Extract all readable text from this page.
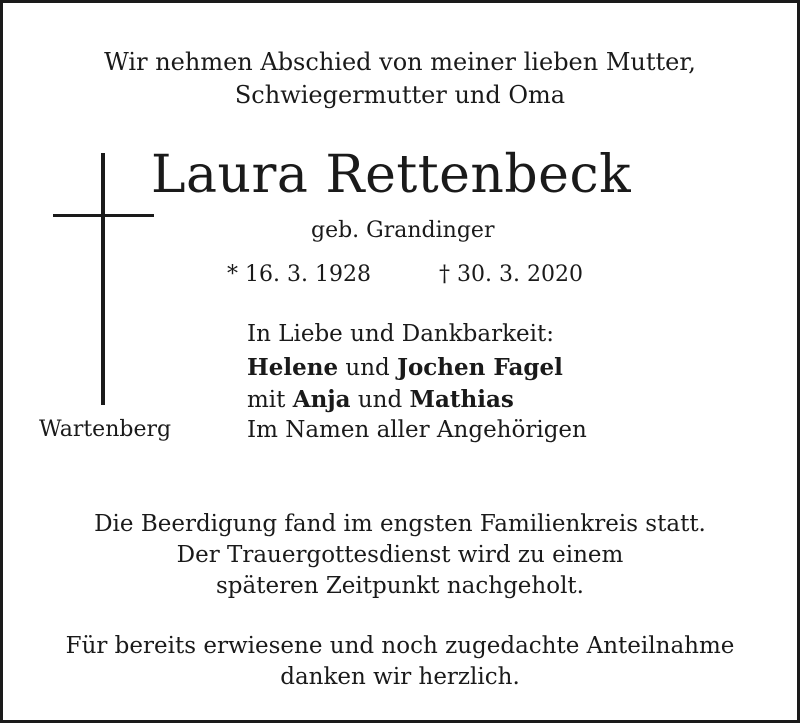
Wir nehmen Abschied von meiner lieben Mutter,
Schwiegermutter und Oma
Laura Rettenbeck
geb. Grandinger
* 16. 3. 1928	† 30. 3. 2020
In Liebe und Dankbarkeit:
Helene und Jochen Fagel
mit Anja und Mathias
Im Namen aller Angehörigen
Wartenberg
Die Beerdigung fand im engsten Familienkreis statt.
Der Trauergottesdienst wird zu einem
späteren Zeitpunkt nachgeholt.
Für bereits erwiesene und noch zugedachte Anteilnahme
danken wir herzlich.
